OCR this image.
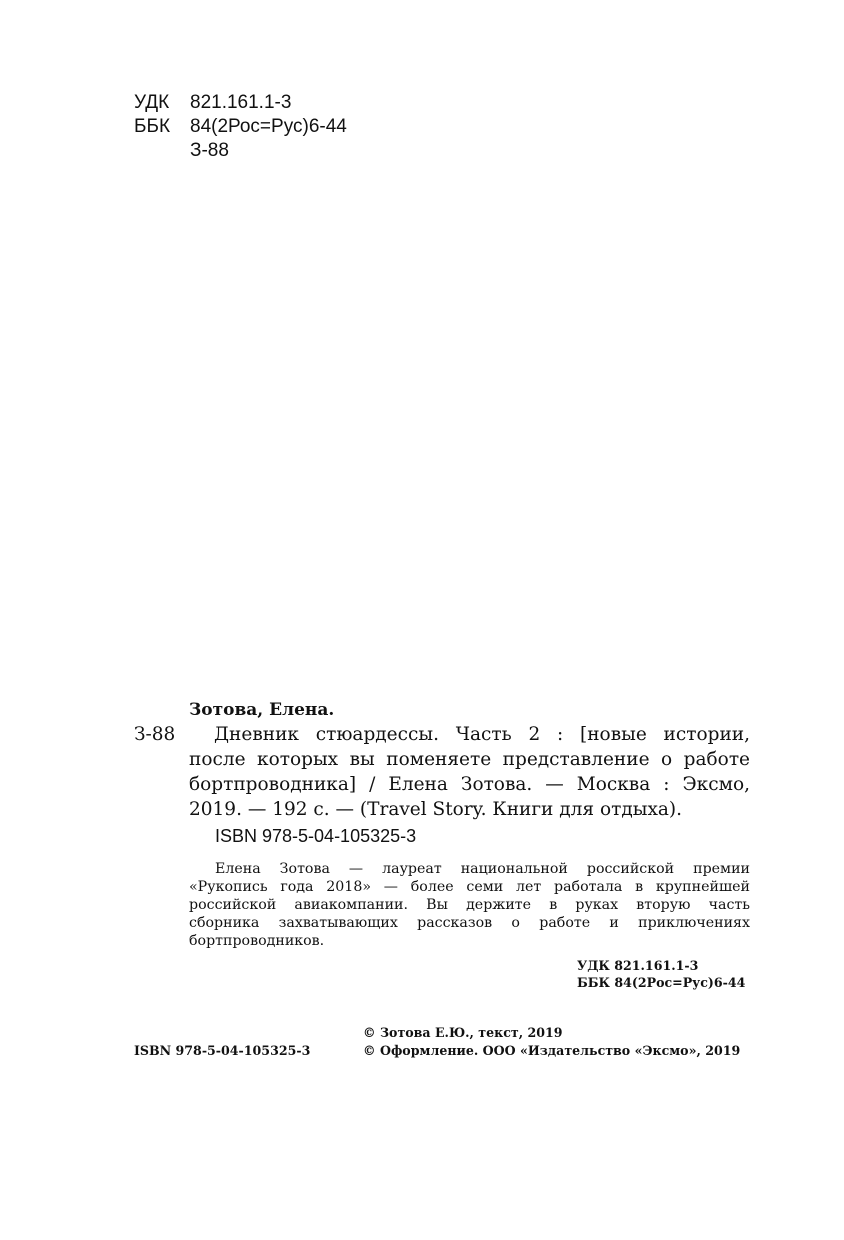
УДК 821.161.1-3
ББК 84(2Рос=Рус)6-44
З-88
Зотова, Елена.
З-88 Дневник стюардессы. Часть 2 : [новые истории,
после которых вы поменяете представление о работе
бортпроводника] / Елена Зотова. — Москва : Эксмо,
2019. — 192 с. — (Travel Story. Книги для отдыха).
ISBN 978-5-04-105325-3
Елена Зотова — лауреат национальной российской премии
«Рукопись года 2018» — более семи лет работала в крупнейшей
российской авиакомпании. Вы держите в руках вторую часть
сборника захватывающих рассказов о работе и приключениях
бортпроводников.
УДК 821.161.1-3
ББК 84(2Рос=Рус)6-44
© Зотова Е.Ю., текст, 2019
ISBN 978-5-04-105325-3	© Оформление. ООО «Издательство «Эксмо», 2019
